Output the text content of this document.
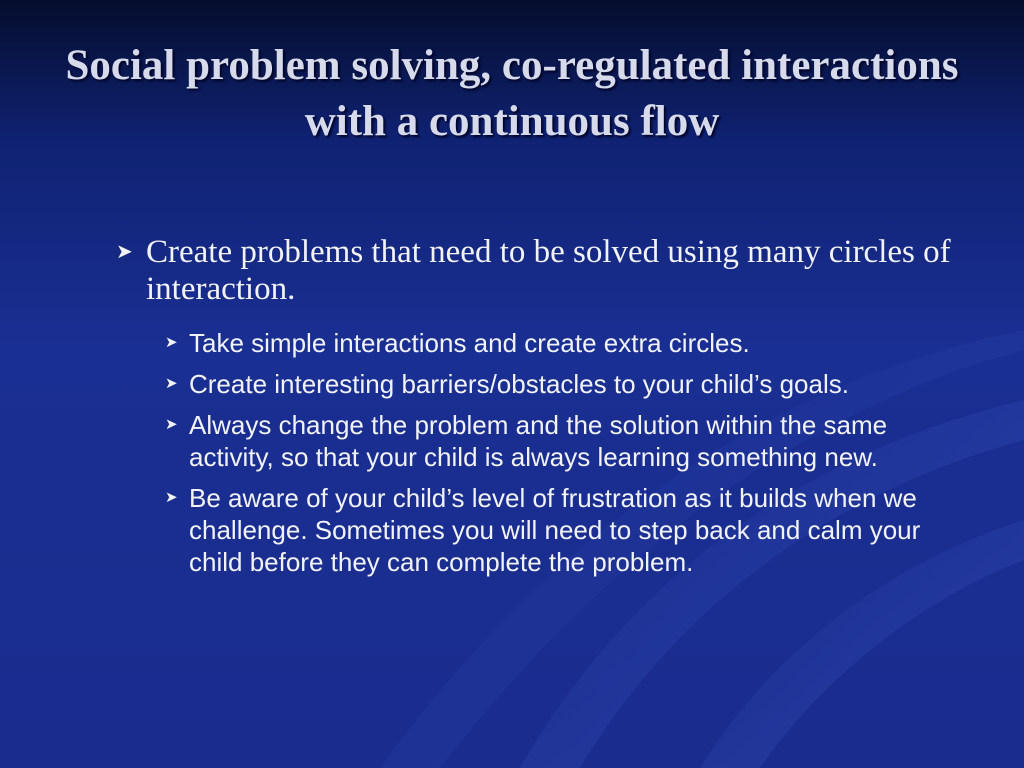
Social problem solving, co-regulated interactions with a continuous flow
➤ Create problems that need to be solved using many circles of interaction.
➤ Take simple interactions and create extra circles.
➤ Create interesting barriers/obstacles to your child’s goals.
➤ Always change the problem and the solution within the same activity, so that your child is always learning something new.
➤ Be aware of your child’s level of frustration as it builds when we challenge. Sometimes you will need to step back and calm your child before they can complete the problem.
